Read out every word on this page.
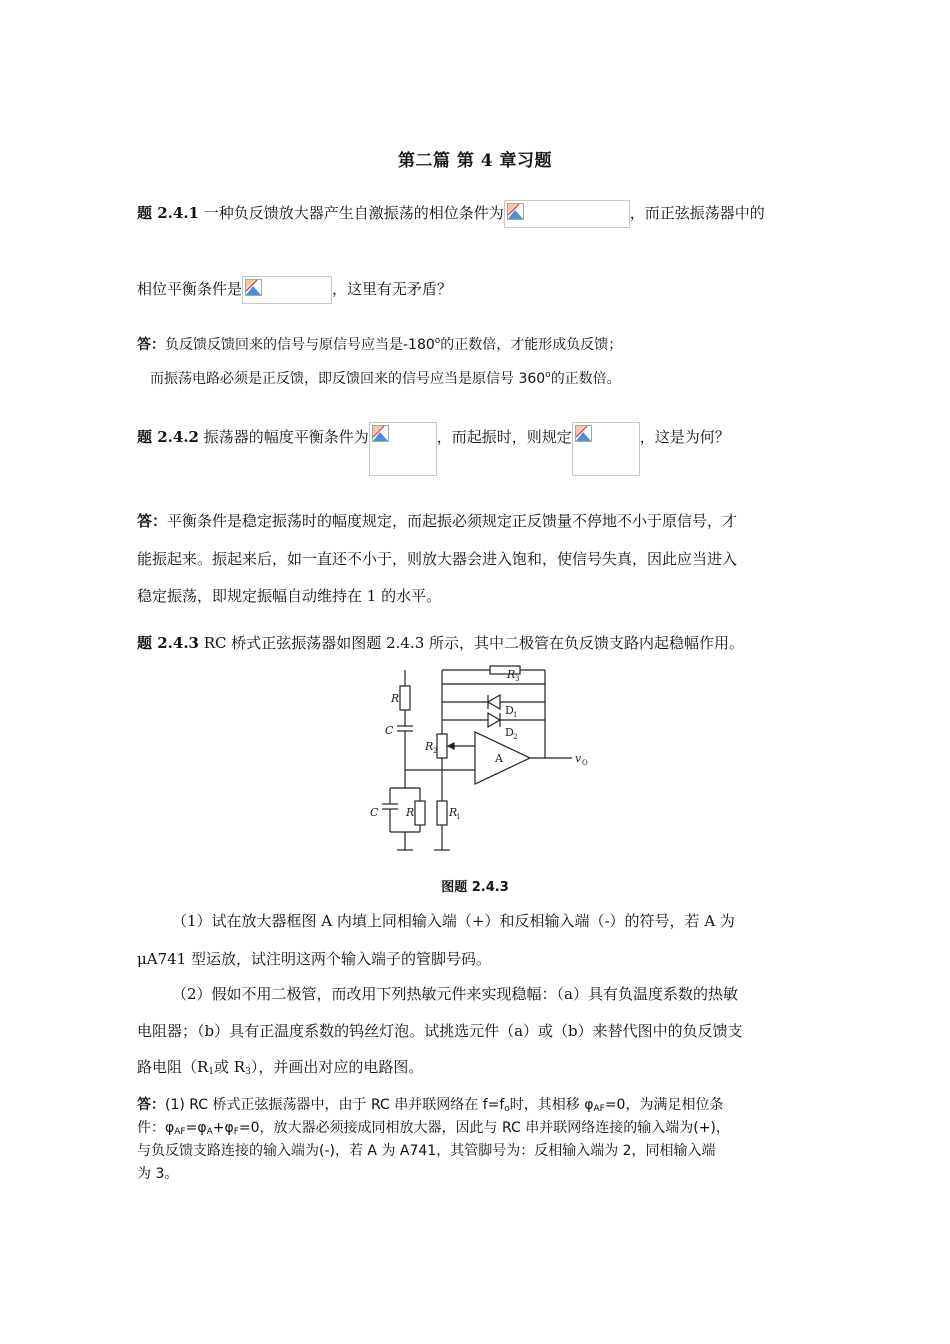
第二篇 第 4 章习题
题 2.4.1 一种负反馈放大器产生自激振荡的相位条件为	，而正弦振荡器中的
相位平衡条件是	，这里有无矛盾？
答：负反馈反馈回来的信号与原信号应当是-180$^o$的正数倍，才能形成负反馈；
而振荡电路必须是正反馈，即反馈回来的信号应当是原信号 360$^o$的正数倍。
题 2.4.2 振荡器的幅度平衡条件为	，而起振时，则规定	，这是为何？
答：平衡条件是稳定振荡时的幅度规定，而起振必须规定正反馈量不停地不小于原信号，才
能振起来。振起来后，如一直还不小于，则放大器会进入饱和，使信号失真，因此应当进入
稳定振荡，即规定振幅自动维持在 1 的水平。
题 2.4.3 RC 桥式正弦振荡器如图题 2.4.3 所示，其中二极管在负反馈支路内起稳幅作用。
R
C
R 2
R 3
D 1
D 2
A	v O
C	R	R
1
图题 2.4.3
（1）试在放大器框图 A 内填上同相输入端（+）和反相输入端（-）的符号，若 A 为
μA741 型运放，试注明这两个输入端子的管脚号码。
（2）假如不用二极管，而改用下列热敏元件来实现稳幅：（a）具有负温度系数的热敏
电阻器；（b）具有正温度系数的钨丝灯泡。试挑选元件（a）或（b）来替代图中的负反馈支
路电阻（$R_1$或 $R_3$），并画出对应的电路图。
答：(1) RC 桥式正弦振荡器中，由于 RC 串并联网络在 $f=f_o$时，其相移 $\varphi_{AF}=0$，为满足相位条
件：$\varphi_{AF}=\varphi_A+\varphi_F=0$，放大器必须接成同相放大器，因此与 RC 串并联网络连接的输入端为(+)，
与负反馈支路连接的输入端为(-)，若 A 为 A741，其管脚号为：反相输入端为 2，同相输入端
为 3。
